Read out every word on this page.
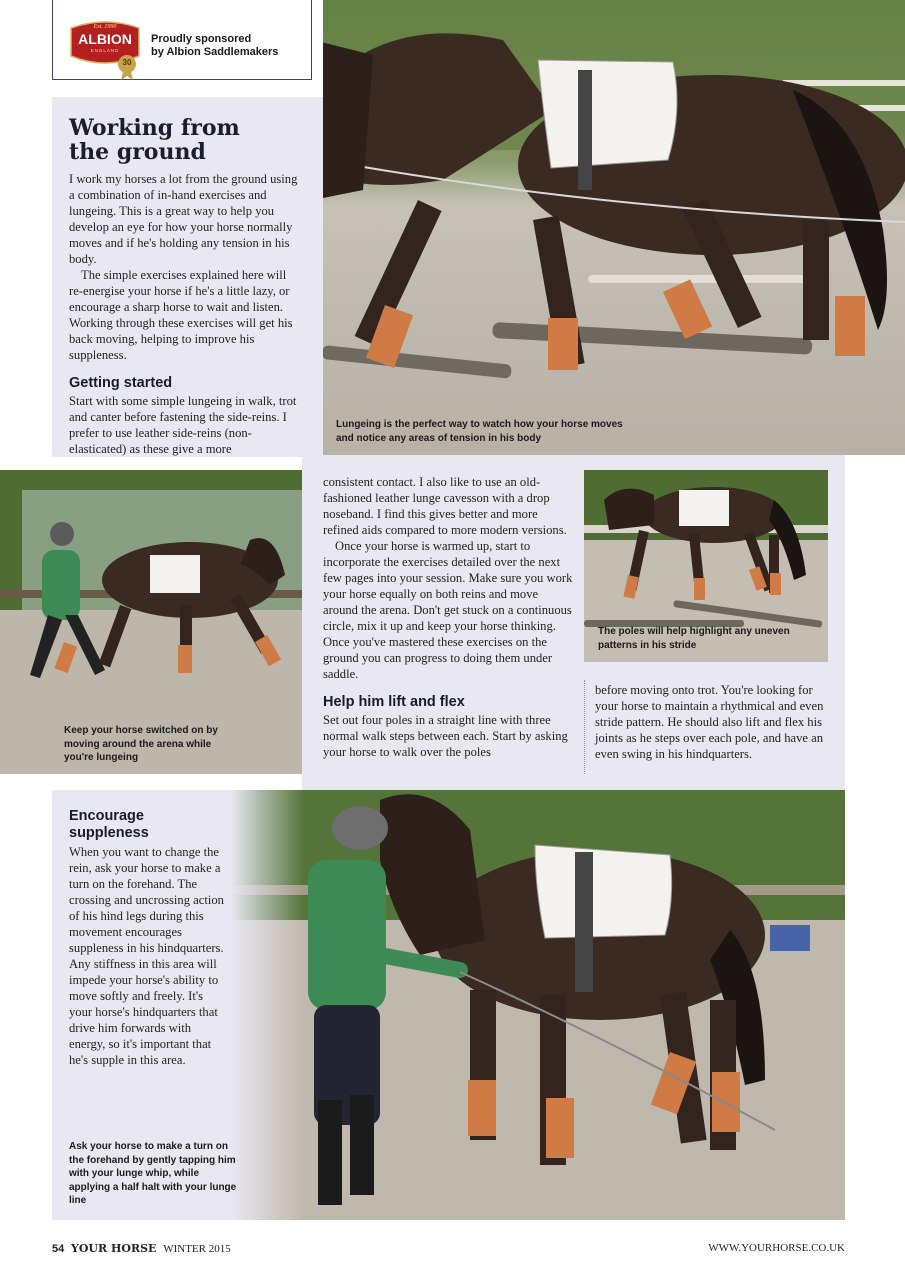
Est. 1990
ALBION
ENGLAND
30
Proudly sponsored
by Albion Saddlemakers
Lungeing is the perfect way to watch how your horse moves and notice any areas of tension in his body
Working from
the ground

I work my horses a lot from the ground using a combination of in-hand exercises and lungeing. This is a great way to help you develop an eye for how your horse normally moves and if he's holding any tension in his body.

The simple exercises explained here will re-energise your horse if he's a little lazy, or encourage a sharp horse to wait and listen. Working through these exercises will get his back moving, helping to improve his suppleness.

Getting started

Start with some simple lungeing in walk, trot and canter before fastening the side-reins. I prefer to use leather side-reins (non-elasticated) as these give a more

Keep your horse switched on by moving around the arena while you're lungeing

consistent contact. I also like to use an old-fashioned leather lunge cavesson with a drop noseband. I find this gives better and more refined aids compared to more modern versions.

Once your horse is warmed up, start to incorporate the exercises detailed over the next few pages into your session. Make sure you work your horse equally on both reins and move around the arena. Don't get stuck on a continuous circle, mix it up and keep your horse thinking. Once you've mastered these exercises on the ground you can progress to doing them under saddle.

Help him lift and flex

Set out four poles in a straight line with three normal walk steps between each. Start by asking your horse to walk over the poles

The poles will help highlight any uneven patterns in his stride

before moving onto trot. You're looking for your horse to maintain a rhythmical and even stride pattern. He should also lift and flex his joints as he steps over each pole, and have an even swing in his hindquarters.

Encourage
suppleness

When you want to change the rein, ask your horse to make a turn on the forehand. The crossing and uncrossing action of his hind legs during this movement encourages suppleness in his hindquarters. Any stiffness in this area will impede your horse's ability to move softly and freely. It's your horse's hindquarters that drive him forwards with energy, so it's important that he's supple in this area.

Ask your horse to make a turn on the forehand by gently tapping him with your lunge whip, while applying a half halt with your lunge line
54 YOUR HORSE WINTER 2015	WWW.YOURHORSE.CO.UK
